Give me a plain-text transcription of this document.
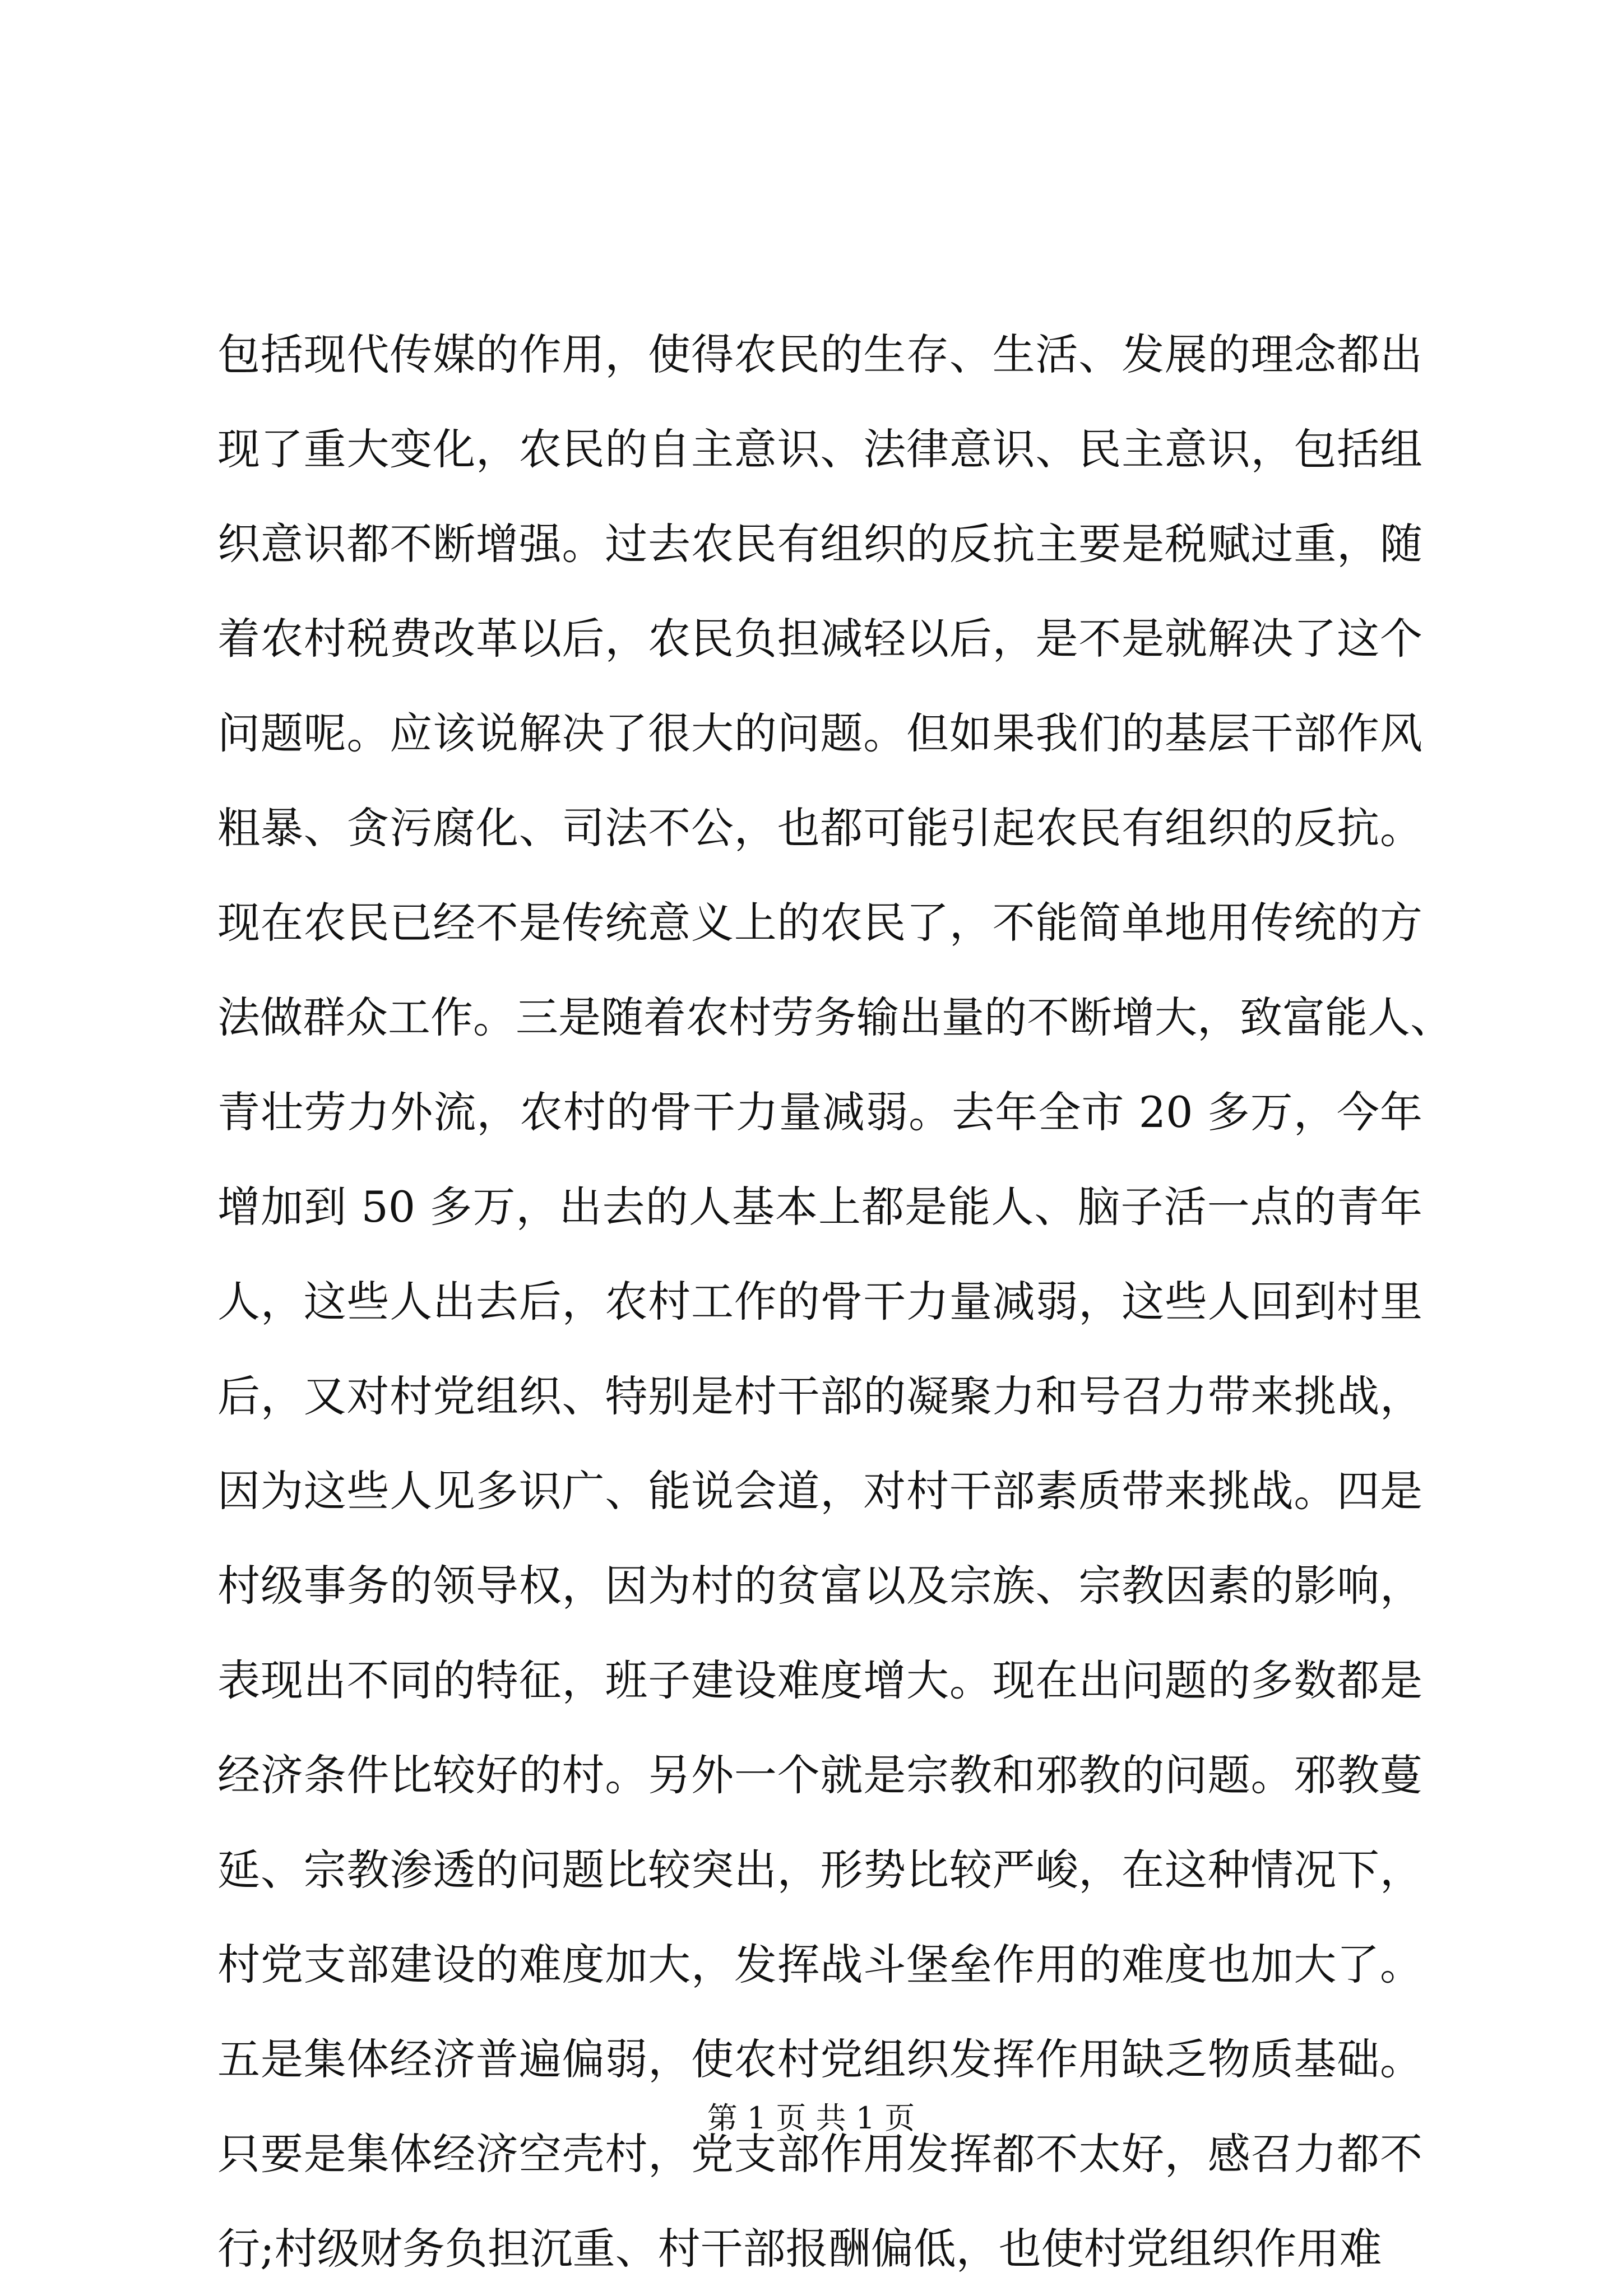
包括现代传媒的作用，使得农民的生存、生活、发展的理念都出
现了重大变化，农民的自主意识、法律意识、民主意识，包括组
织意识都不断增强。过去农民有组织的反抗主要是税赋过重，随
着农村税费改革以后，农民负担减轻以后，是不是就解决了这个
问题呢。应该说解决了很大的问题。但如果我们的基层干部作风
粗暴、贪污腐化、司法不公，也都可能引起农民有组织的反抗。
现在农民已经不是传统意义上的农民了，不能简单地用传统的方
法做群众工作。三是随着农村劳务输出量的不断增大，致富能人、
青壮劳力外流，农村的骨干力量减弱。去年全市 20 多万，今年
增加到 50 多万，出去的人基本上都是能人、脑子活一点的青年
人，这些人出去后，农村工作的骨干力量减弱，这些人回到村里
后，又对村党组织、特别是村干部的凝聚力和号召力带来挑战，
因为这些人见多识广、能说会道，对村干部素质带来挑战。四是
村级事务的领导权，因为村的贫富以及宗族、宗教因素的影响，
表现出不同的特征，班子建设难度增大。现在出问题的多数都是
经济条件比较好的村。另外一个就是宗教和邪教的问题。邪教蔓
延、宗教渗透的问题比较突出，形势比较严峻，在这种情况下，
村党支部建设的难度加大，发挥战斗堡垒作用的难度也加大了。
五是集体经济普遍偏弱，使农村党组织发挥作用缺乏物质基础。
只要是集体经济空壳村，党支部作用发挥都不太好，感召力都不
行;村级财务负担沉重、村干部报酬偏低，也使村党组织作用难
第 1 页 共 1 页
